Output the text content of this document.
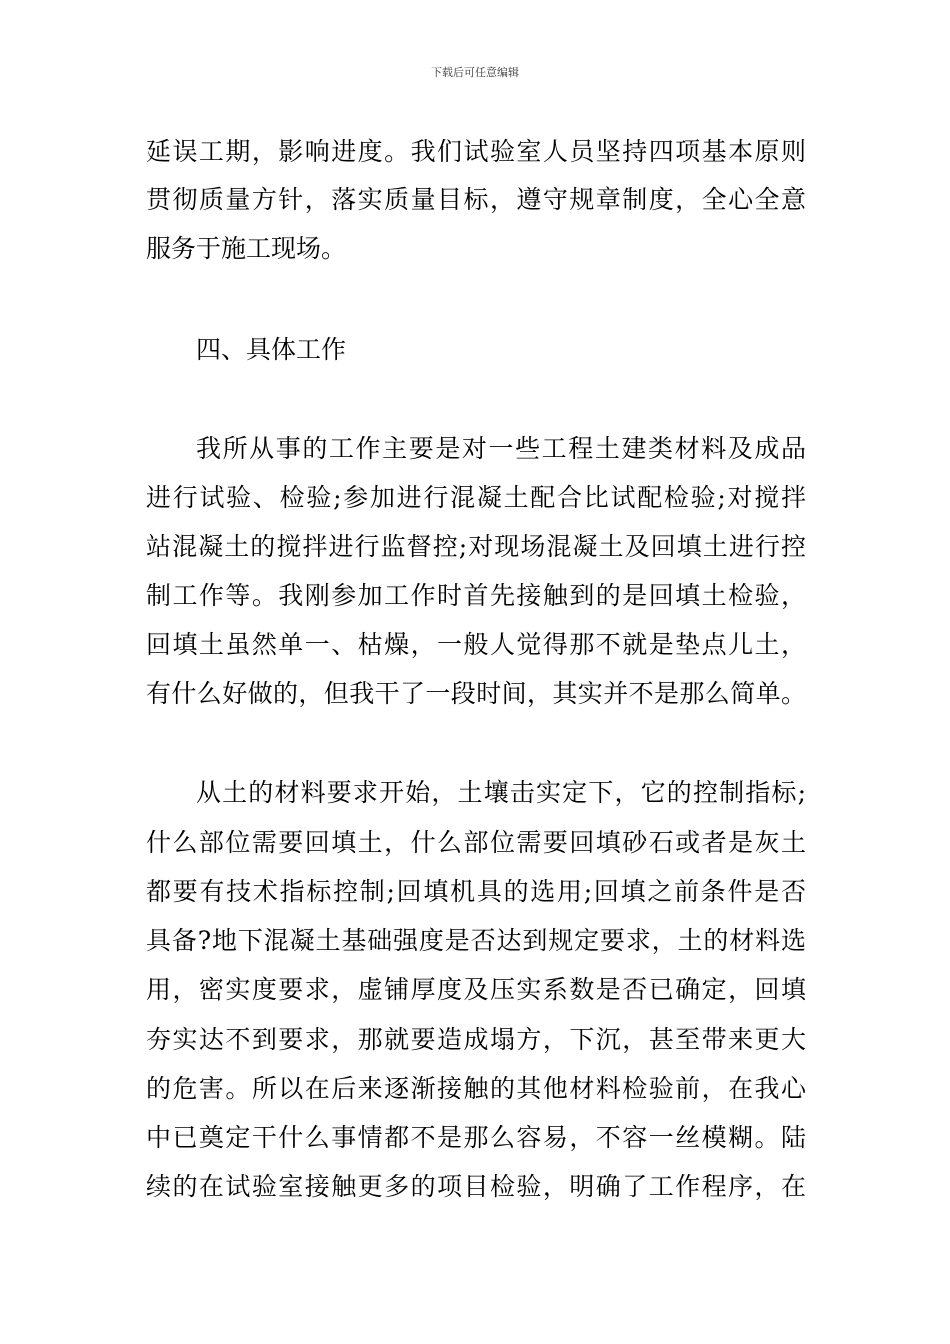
下载后可任意编辑
延误工期，影响进度。我们试验室人员坚持四项基本原则
贯彻质量方针，落实质量目标，遵守规章制度，全心全意
服务于施工现场。
四、具体工作
我所从事的工作主要是对一些工程土建类材料及成品
进行试验、检验;参加进行混凝土配合比试配检验;对搅拌
站混凝土的搅拌进行监督控;对现场混凝土及回填土进行控
制工作等。我刚参加工作时首先接触到的是回填土检验，
回填土虽然单一、枯燥，一般人觉得那不就是垫点儿土，
有什么好做的，但我干了一段时间，其实并不是那么简单。
从土的材料要求开始，土壤击实定下，它的控制指标;
什么部位需要回填土，什么部位需要回填砂石或者是灰土
都要有技术指标控制;回填机具的选用;回填之前条件是否
具备?地下混凝土基础强度是否达到规定要求，土的材料选
用，密实度要求，虚铺厚度及压实系数是否已确定，回填
夯实达不到要求，那就要造成塌方，下沉，甚至带来更大
的危害。所以在后来逐渐接触的其他材料检验前，在我心
中已奠定干什么事情都不是那么容易，不容一丝模糊。陆
续的在试验室接触更多的项目检验，明确了工作程序，在
